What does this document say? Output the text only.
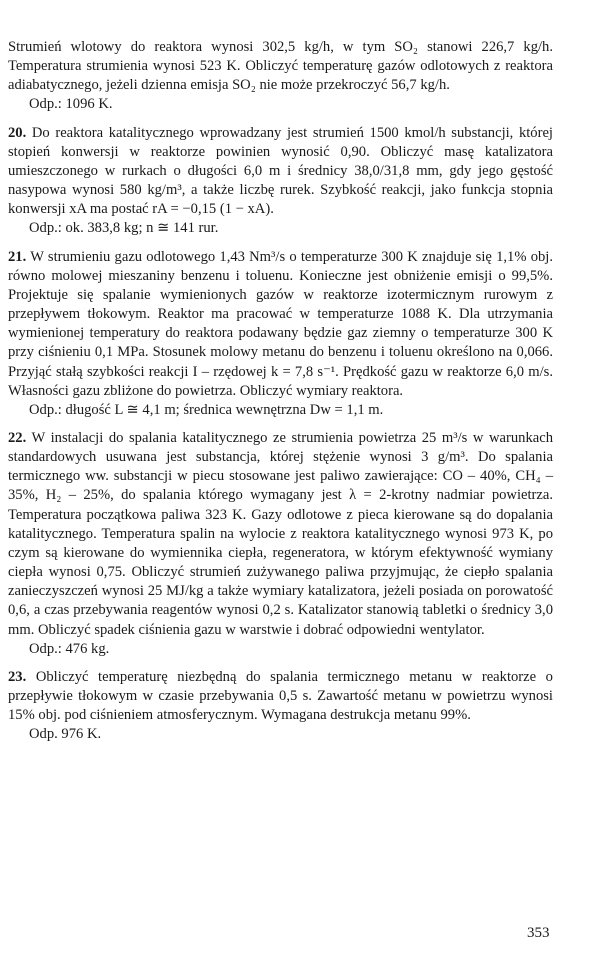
Strumień wlotowy do reaktora wynosi 302,5 kg/h, w tym SO₂ stanowi 226,7 kg/h. Temperatura strumienia wynosi 523 K. Obliczyć temperaturę gazów odlotowych z reaktora adiabatycznego, jeżeli dzienna emisja SO₂ nie może przekroczyć 56,7 kg/h.

Odp.: 1096 K.

20. Do reaktora katalitycznego wprowadzany jest strumień 1500 kmol/h substancji, której stopień konwersji w reaktorze powinien wynosić 0,90. Obliczyć masę katalizatora umieszczonego w rurkach o długości 6,0 m i średnicy 38,0/31,8 mm, gdy jego gęstość nasypowa wynosi 580 kg/m³, a także liczbę rurek. Szybkość reakcji, jako funkcja stopnia konwersji xA ma postać rA = −0,15 (1 − xA).

Odp.: ok. 383,8 kg; n ≅ 141 rur.

21. W strumieniu gazu odlotowego 1,43 Nm³/s o temperaturze 300 K znajduje się 1,1% obj. równo molowej mieszaniny benzenu i toluenu. Konieczne jest obniżenie emisji o 99,5%. Projektuje się spalanie wymienionych gazów w reaktorze izotermicznym rurowym z przepływem tłokowym. Reaktor ma pracować w temperaturze 1088 K. Dla utrzymania wymienionej temperatury do reaktora podawany będzie gaz ziemny o temperaturze 300 K przy ciśnieniu 0,1 MPa. Stosunek molowy metanu do benzenu i toluenu określono na 0,066. Przyjąć stałą szybkości reakcji I – rzędowej k = 7,8 s⁻¹. Prędkość gazu w reaktorze 6,0 m/s. Własności gazu zbliżone do powietrza. Obliczyć wymiary reaktora.

Odp.: długość L ≅ 4,1 m; średnica wewnętrzna Dw = 1,1 m.

22. W instalacji do spalania katalitycznego ze strumienia powietrza 25 m³/s w warunkach standardowych usuwana jest substancja, której stężenie wynosi 3 g/m³. Do spalania termicznego ww. substancji w piecu stosowane jest paliwo zawierające: CO – 40%, CH₄ – 35%, H₂ – 25%, do spalania którego wymagany jest λ = 2-krotny nadmiar powietrza. Temperatura początkowa paliwa 323 K. Gazy odlotowe z pieca kierowane są do dopalania katalitycznego. Temperatura spalin na wylocie z reaktora katalitycznego wynosi 973 K, po czym są kierowane do wymiennika ciepła, regeneratora, w którym efektywność wymiany ciepła wynosi 0,75. Obliczyć strumień zużywanego paliwa przyjmując, że ciepło spalania zanieczyszczeń wynosi 25 MJ/kg a także wymiary katalizatora, jeżeli posiada on porowatość 0,6, a czas przebywania reagentów wynosi 0,2 s. Katalizator stanowią tabletki o średnicy 3,0 mm. Obliczyć spadek ciśnienia gazu w warstwie i dobrać odpowiedni wentylator.

Odp.: 476 kg.

23. Obliczyć temperaturę niezbędną do spalania termicznego metanu w reaktorze o przepływie tłokowym w czasie przebywania 0,5 s. Zawartość metanu w powietrzu wynosi 15% obj. pod ciśnieniem atmosferycznym. Wymagana destrukcja metanu 99%.

Odp. 976 K.

353
